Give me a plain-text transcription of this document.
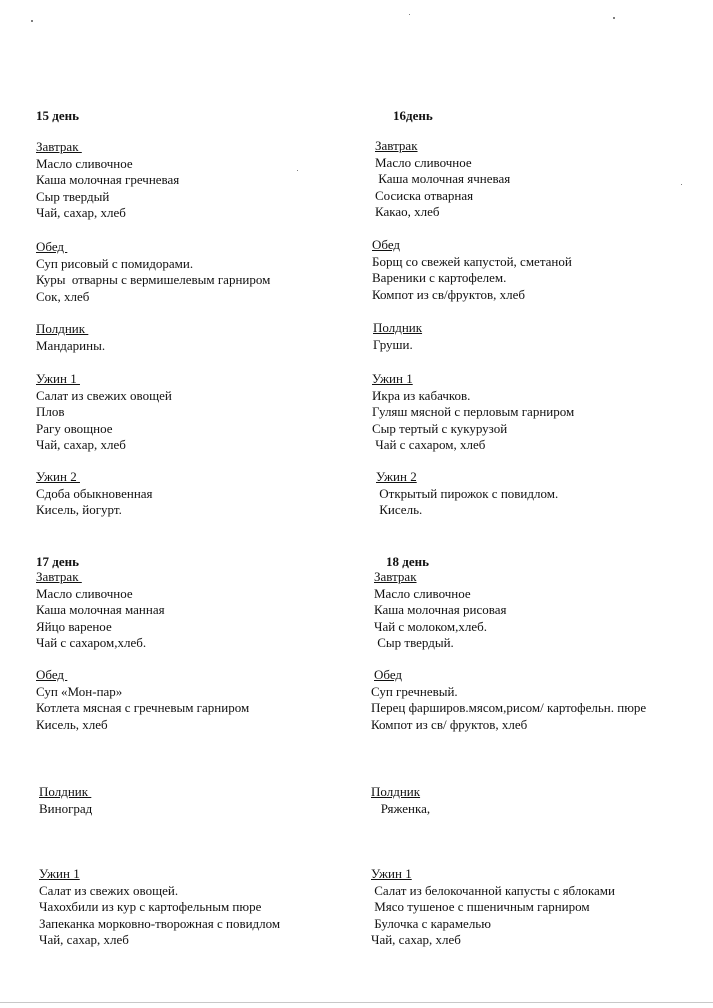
15 день
Завтрак
Масло сливочное
Каша молочная гречневая
Сыр твердый
Чай, сахар, хлеб
Обед
Суп рисовый с помидорами.
Куры  отварны с вермишелевым гарниром
Сок, хлеб
Полдник
Мандарины.
Ужин 1
Салат из свежих овощей
Плов
Рагу овощное
Чай, сахар, хлеб
Ужин 2
Сдоба обыкновенная
Кисель, йогурт.
16день
Завтрак
Масло сливочное
Каша молочная ячневая
Сосиска отварная
Какао, хлеб
Обед
Борщ со свежей капустой, сметаной
Вареники с картофелем.
Компот из св/фруктов, хлеб
Полдник
Груши.
Ужин 1
Икра из кабачков.
Гуляш мясной с перловым гарниром
Сыр тертый с кукурузой
Чай с сахаром, хлеб
Ужин 2
Открытый пирожок с повидлом.
Кисель.
17 день
Завтрак
Масло сливочное
Каша молочная манная
Яйцо вареное
Чай с сахаром,хлеб.
Обед
Суп «Мон-пар»
Котлета мясная с гречневым гарниром
Кисель, хлеб
Полдник
Виноград
Ужин 1
Салат из свежих овощей.
Чахохбили из кур с картофельным пюре
Запеканка морковно-творожная с повидлом
Чай, сахар, хлеб
18 день
Завтрак
Масло сливочное
Каша молочная рисовая
Чай с молоком,хлеб.
Сыр твердый.
Обед
Суп гречневый.
Перец фарширов.мясом,рисом/ картофельн. пюре
Компот из св/ фруктов, хлеб
Полдник
Ряженка,
Ужин 1
Салат из белокочанной капусты с яблоками
Мясо тушеное с пшеничным гарниром
Булочка с карамелью
Чай, сахар, хлеб
